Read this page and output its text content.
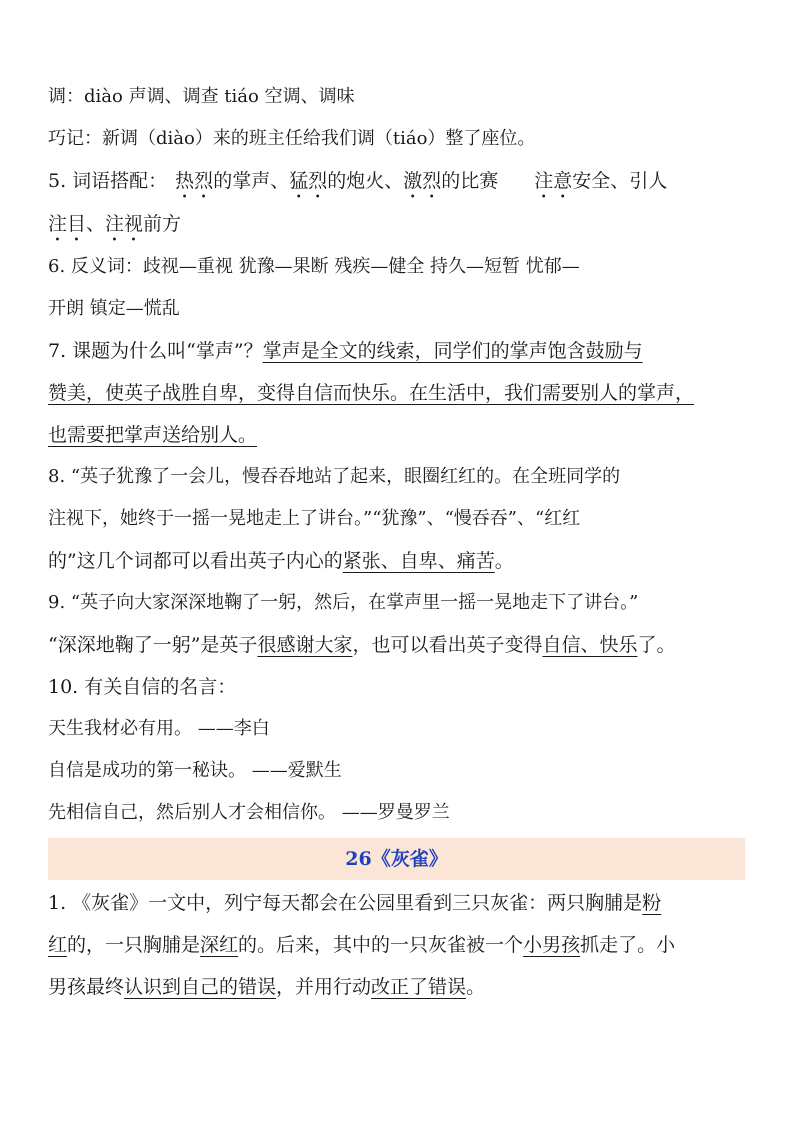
调：diào 声调、调查 tiáo 空调、调味
巧记：新调（diào）来的班主任给我们调（tiáo）整了座位。
5. 词语搭配： 热烈的掌声、猛烈的炮火、激烈的比赛 注意安全、引人
注目、注视前方
6. 反义词：歧视—重视 犹豫—果断 残疾—健全 持久—短暂 忧郁—
开朗 镇定—慌乱
7. 课题为什么叫“掌声”？掌声是全文的线索，同学们的掌声饱含鼓励与
赞美，使英子战胜自卑，变得自信而快乐。在生活中，我们需要别人的掌声，
也需要把掌声送给别人。
8. “英子犹豫了一会儿，慢吞吞地站了起来，眼圈红红的。在全班同学的
注视下，她终于一摇一晃地走上了讲台。”“犹豫”、“慢吞吞”、“红红
的”这几个词都可以看出英子内心的紧张、自卑、痛苦。
9. “英子向大家深深地鞠了一躬，然后，在掌声里一摇一晃地走下了讲台。”
“深深地鞠了一躬”是英子很感谢大家，也可以看出英子变得自信、快乐了。
10. 有关自信的名言：
天生我材必有用。 ——李白
自信是成功的第一秘诀。 ——爱默生
先相信自己，然后别人才会相信你。 ——罗曼罗兰
26《灰雀》
1. 《灰雀》一文中，列宁每天都会在公园里看到三只灰雀：两只胸脯是粉
红的，一只胸脯是深红的。后来，其中的一只灰雀被一个小男孩抓走了。小
男孩最终认识到自己的错误，并用行动改正了错误。
